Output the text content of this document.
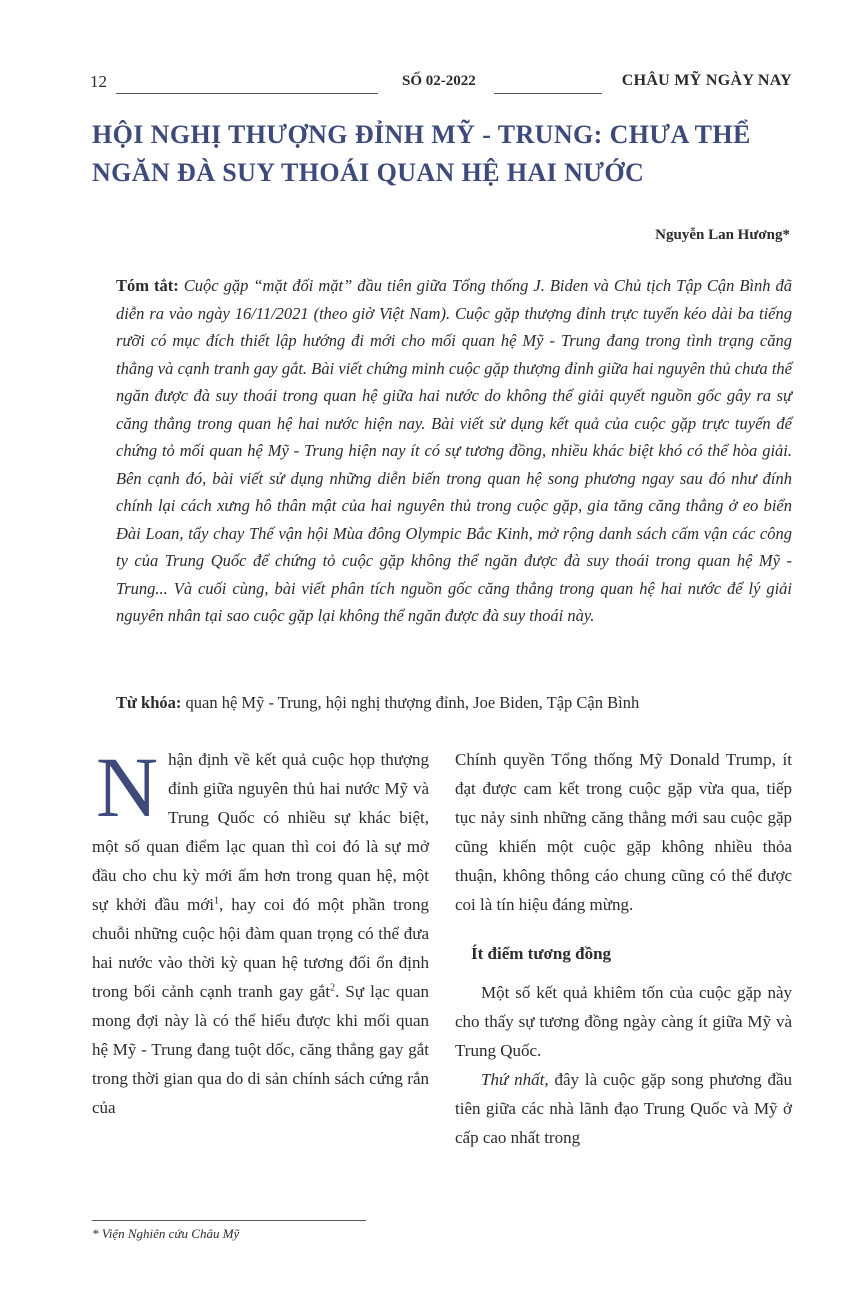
12	SỐ 02-2022	CHÂU MỸ NGÀY NAY
HỘI NGHỊ THƯỢNG ĐỈNH MỸ - TRUNG: CHƯA THỂ NGĂN ĐÀ SUY THOÁI QUAN HỆ HAI NƯỚC
Nguyễn Lan Hương*

Tóm tắt: Cuộc gặp “mặt đối mặt” đầu tiên giữa Tổng thống J. Biden và Chủ tịch Tập Cận Bình đã diễn ra vào ngày 16/11/2021 (theo giờ Việt Nam). Cuộc gặp thượng đỉnh trực tuyến kéo dài ba tiếng rưỡi có mục đích thiết lập hướng đi mới cho mối quan hệ Mỹ - Trung đang trong tình trạng căng thẳng và cạnh tranh gay gắt. Bài viết chứng minh cuộc gặp thượng đỉnh giữa hai nguyên thủ chưa thể ngăn được đà suy thoái trong quan hệ giữa hai nước do không thể giải quyết nguồn gốc gây ra sự căng thẳng trong quan hệ hai nước hiện nay. Bài viết sử dụng kết quả của cuộc gặp trực tuyến để chứng tỏ mối quan hệ Mỹ - Trung hiện nay ít có sự tương đồng, nhiều khác biệt khó có thể hòa giải. Bên cạnh đó, bài viết sử dụng những diễn biến trong quan hệ song phương ngay sau đó như đính chính lại cách xưng hô thân mật của hai nguyên thủ trong cuộc gặp, gia tăng căng thẳng ở eo biển Đài Loan, tẩy chay Thế vận hội Mùa đông Olympic Bắc Kinh, mở rộng danh sách cấm vận các công ty của Trung Quốc để chứng tỏ cuộc gặp không thể ngăn được đà suy thoái trong quan hệ Mỹ - Trung... Và cuối cùng, bài viết phân tích nguồn gốc căng thẳng trong quan hệ hai nước để lý giải nguyên nhân tại sao cuộc gặp lại không thể ngăn được đà suy thoái này.

Từ khóa: quan hệ Mỹ - Trung, hội nghị thượng đỉnh, Joe Biden, Tập Cận Bình

Nhận định về kết quả cuộc họp thượng đỉnh giữa nguyên thủ hai nước Mỹ và Trung Quốc có nhiều sự khác biệt, một số quan điểm lạc quan thì coi đó là sự mở đầu cho chu kỳ mới ấm hơn trong quan hệ, một sự khởi đầu mới$^1$, hay coi đó một phần trong chuỗi những cuộc hội đàm quan trọng có thể đưa hai nước vào thời kỳ quan hệ tương đối ổn định trong bối cảnh cạnh tranh gay gắt$^2$. Sự lạc quan mong đợi này là có thể hiểu được khi mối quan hệ Mỹ - Trung đang tuột dốc, căng thẳng gay gắt trong thời gian qua do di sản chính sách cứng rắn của

Chính quyền Tổng thống Mỹ Donald Trump, ít đạt được cam kết trong cuộc gặp vừa qua, tiếp tục nảy sinh những căng thẳng mới sau cuộc gặp cũng khiến một cuộc gặp không nhiều thỏa thuận, không thông cáo chung cũng có thể được coi là tín hiệu đáng mừng.

Ít điểm tương đồng

Một số kết quả khiêm tốn của cuộc gặp này cho thấy sự tương đồng ngày càng ít giữa Mỹ và Trung Quốc.

Thứ nhất, đây là cuộc gặp song phương đầu tiên giữa các nhà lãnh đạo Trung Quốc và Mỹ ở cấp cao nhất trong

* Viện Nghiên cứu Châu Mỹ
